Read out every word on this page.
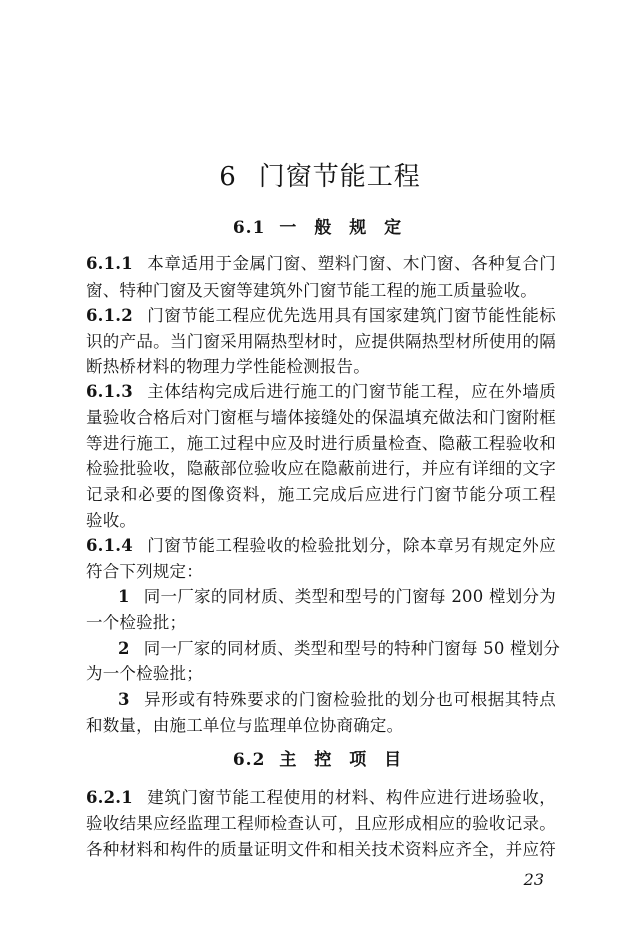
6 门窗节能工程
6.1 一 般 规 定
6.1.1 本章适用于金属门窗、塑料门窗、木门窗、各种复合门
窗、特种门窗及天窗等建筑外门窗节能工程的施工质量验收。
6.1.2 门窗节能工程应优先选用具有国家建筑门窗节能性能标
识的产品。当门窗采用隔热型材时，应提供隔热型材所使用的隔
断热桥材料的物理力学性能检测报告。
6.1.3 主体结构完成后进行施工的门窗节能工程，应在外墙质
量验收合格后对门窗框与墙体接缝处的保温填充做法和门窗附框
等进行施工，施工过程中应及时进行质量检查、隐蔽工程验收和
检验批验收，隐蔽部位验收应在隐蔽前进行，并应有详细的文字
记录和必要的图像资料，施工完成后应进行门窗节能分项工程
验收。
6.1.4 门窗节能工程验收的检验批划分，除本章另有规定外应
符合下列规定：
1 同一厂家的同材质、类型和型号的门窗每 200 樘划分为
一个检验批；
2 同一厂家的同材质、类型和型号的特种门窗每 50 樘划分
为一个检验批；
3 异形或有特殊要求的门窗检验批的划分也可根据其特点
和数量，由施工单位与监理单位协商确定。
6.2 主 控 项 目
6.2.1 建筑门窗节能工程使用的材料、构件应进行进场验收，
验收结果应经监理工程师检查认可，且应形成相应的验收记录。
各种材料和构件的质量证明文件和相关技术资料应齐全，并应符
23
